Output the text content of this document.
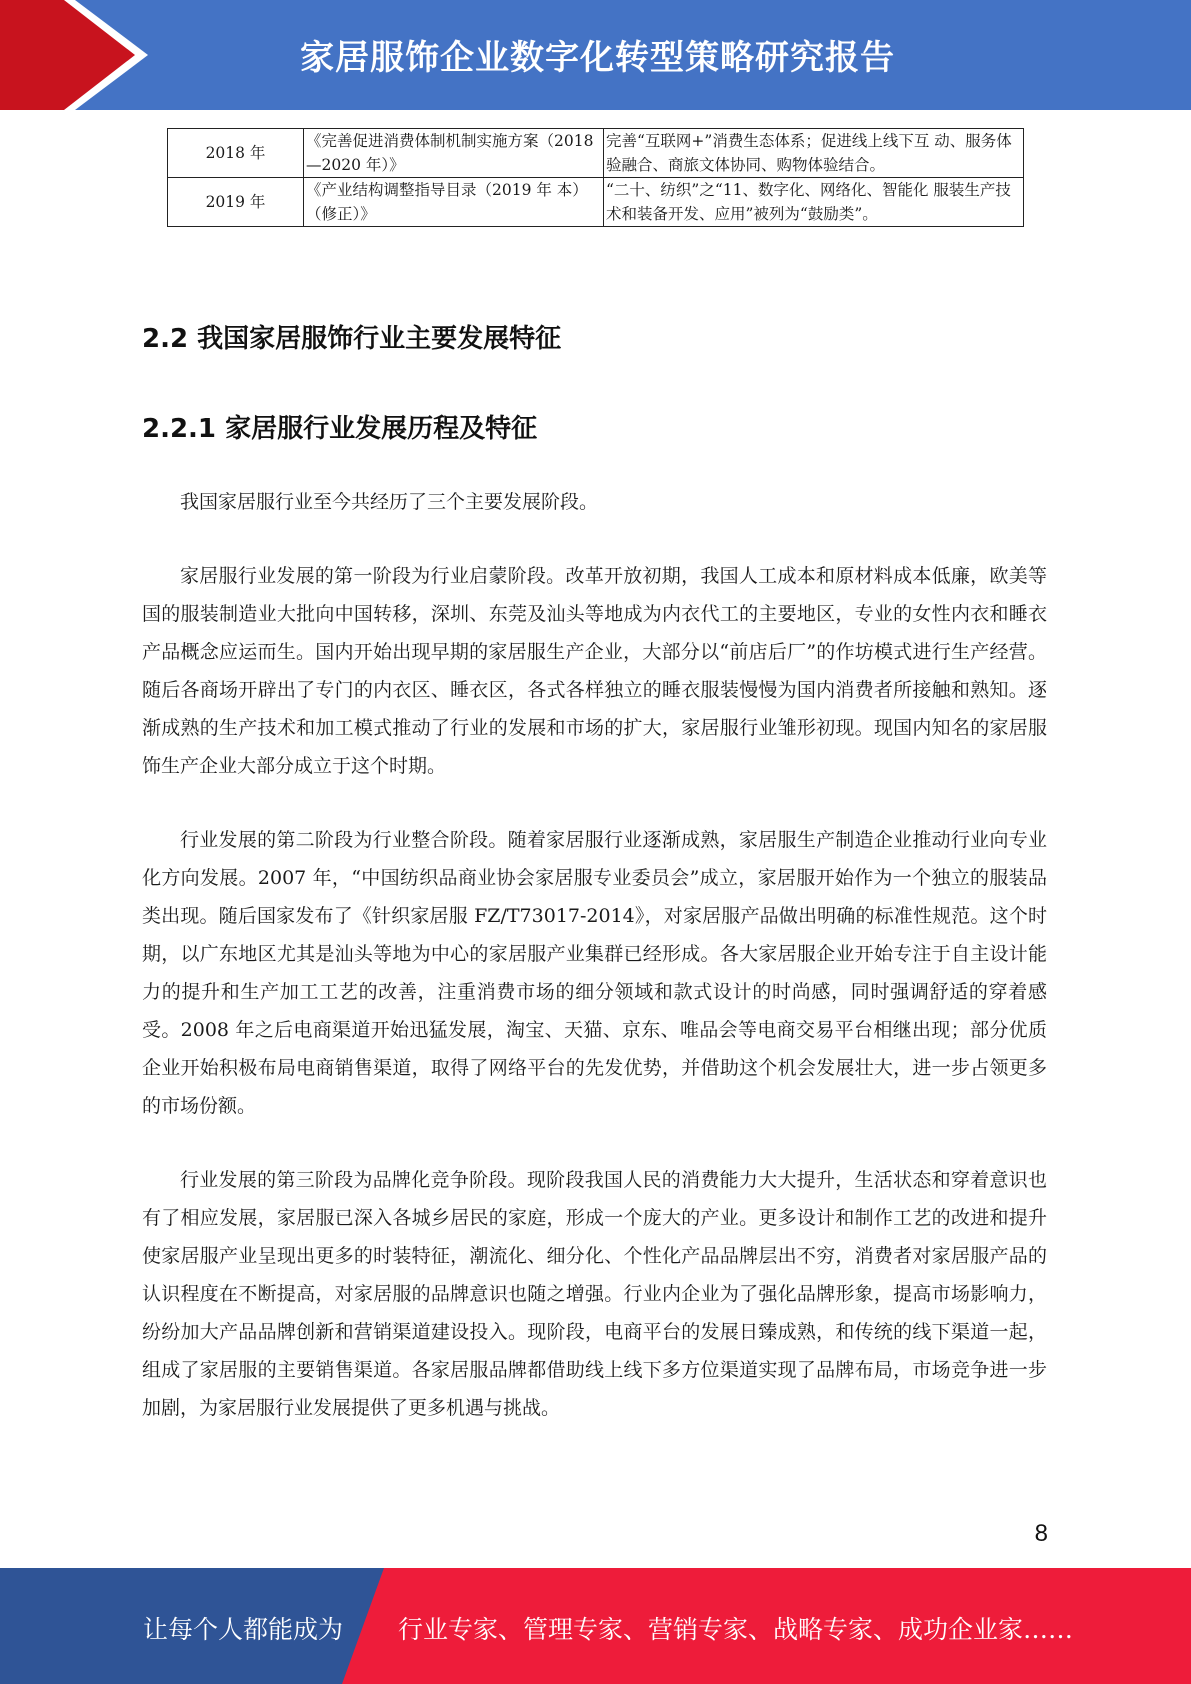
家居服饰企业数字化转型策略研究报告
2018 年	《完善促进消费体制机制实施方案（2018—2020 年）》	完善“互联网+”消费生态体系；促进线上线下互 动、服务体验融合、商旅文体协同、购物体验结合。
2019 年	《产业结构调整指导目录（2019 年 本）（修正）》	“二十、纺织”之“11、数字化、网络化、智能化 服装生产技术和装备开发、应用”被列为“鼓励类”。
2.2 我国家居服饰行业主要发展特征
2.2.1 家居服行业发展历程及特征

我国家居服行业至今共经历了三个主要发展阶段。

家居服行业发展的第一阶段为行业启蒙阶段。改革开放初期，我国人工成本和原材料成本低廉，欧美等国的服装制造业大批向中国转移，深圳、东莞及汕头等地成为内衣代工的主要地区，专业的女性内衣和睡衣产品概念应运而生。国内开始出现早期的家居服生产企业，大部分以“前店后厂”的作坊模式进行生产经营。随后各商场开辟出了专门的内衣区、睡衣区，各式各样独立的睡衣服装慢慢为国内消费者所接触和熟知。逐渐成熟的生产技术和加工模式推动了行业的发展和市场的扩大，家居服行业雏形初现。现国内知名的家居服饰生产企业大部分成立于这个时期。

行业发展的第二阶段为行业整合阶段。随着家居服行业逐渐成熟，家居服生产制造企业推动行业向专业化方向发展。2007 年，“中国纺织品商业协会家居服专业委员会”成立，家居服开始作为一个独立的服装品类出现。随后国家发布了《针织家居服 FZ/T73017-2014》，对家居服产品做出明确的标准性规范。这个时期，以广东地区尤其是汕头等地为中心的家居服产业集群已经形成。各大家居服企业开始专注于自主设计能力的提升和生产加工工艺的改善，注重消费市场的细分领域和款式设计的时尚感，同时强调舒适的穿着感受。2008 年之后电商渠道开始迅猛发展，淘宝、天猫、京东、唯品会等电商交易平台相继出现；部分优质企业开始积极布局电商销售渠道，取得了网络平台的先发优势，并借助这个机会发展壮大，进一步占领更多的市场份额。

行业发展的第三阶段为品牌化竞争阶段。现阶段我国人民的消费能力大大提升，生活状态和穿着意识也有了相应发展，家居服已深入各城乡居民的家庭，形成一个庞大的产业。更多设计和制作工艺的改进和提升使家居服产业呈现出更多的时装特征，潮流化、细分化、个性化产品品牌层出不穷，消费者对家居服产品的认识程度在不断提高，对家居服的品牌意识也随之增强。行业内企业为了强化品牌形象，提高市场影响力，纷纷加大产品品牌创新和营销渠道建设投入。现阶段，电商平台的发展日臻成熟，和传统的线下渠道一起，组成了家居服的主要销售渠道。各家居服品牌都借助线上线下多方位渠道实现了品牌布局，市场竞争进一步加剧，为家居服行业发展提供了更多机遇与挑战。

8
让每个人都能成为 行业专家、管理专家、营销专家、战略专家、成功企业家……
